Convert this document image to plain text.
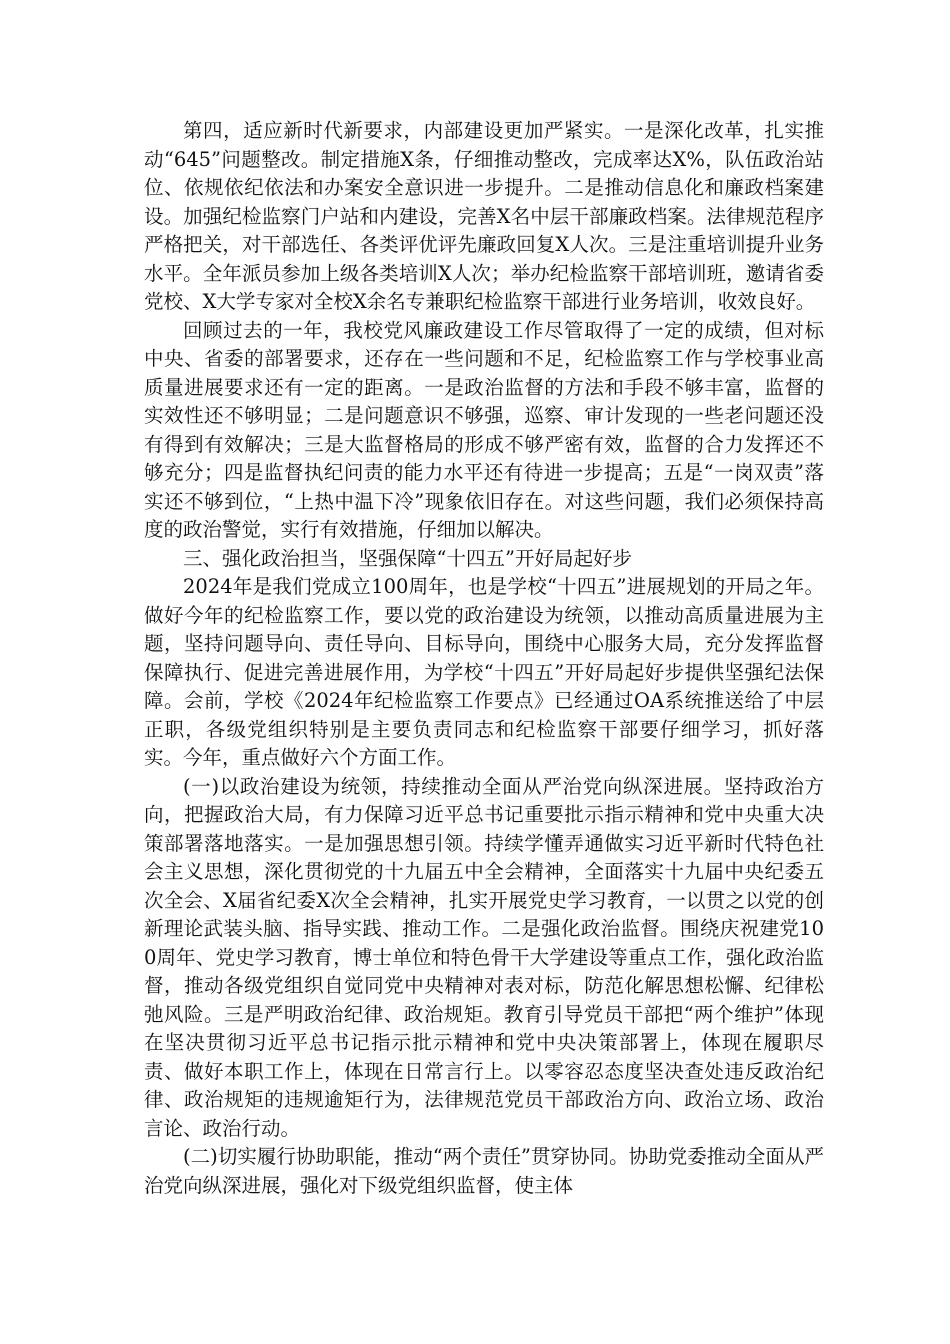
第四，适应新时代新要求，内部建设更加严紧实。一是深化改革，扎实推动“645”问题整改。制定措施X条，仔细推动整改，完成率达X%，队伍政治站位、依规依纪依法和办案安全意识进一步提升。二是推动信息化和廉政档案建设。加强纪检监察门户站和内建设，完善X名中层干部廉政档案。法律规范程序严格把关，对干部选任、各类评优评先廉政回复X人次。三是注重培训提升业务水平。全年派员参加上级各类培训X人次；举办纪检监察干部培训班，邀请省委党校、X大学专家对全校X余名专兼职纪检监察干部进行业务培训，收效良好。

回顾过去的一年，我校党风廉政建设工作尽管取得了一定的成绩，但对标中央、省委的部署要求，还存在一些问题和不足，纪检监察工作与学校事业高质量进展要求还有一定的距离。一是政治监督的方法和手段不够丰富，监督的实效性还不够明显；二是问题意识不够强，巡察、审计发现的一些老问题还没有得到有效解决；三是大监督格局的形成不够严密有效，监督的合力发挥还不够充分；四是监督执纪问责的能力水平还有待进一步提高；五是“一岗双责”落实还不够到位，“上热中温下冷”现象依旧存在。对这些问题，我们必须保持高度的政治警觉，实行有效措施，仔细加以解决。

三、强化政治担当，坚强保障“十四五”开好局起好步

2024年是我们党成立100周年，也是学校“十四五”进展规划的开局之年。做好今年的纪检监察工作，要以党的政治建设为统领，以推动高质量进展为主题，坚持问题导向、责任导向、目标导向，围绕中心服务大局，充分发挥监督保障执行、促进完善进展作用，为学校“十四五”开好局起好步提供坚强纪法保障。会前，学校《2024年纪检监察工作要点》已经通过OA系统推送给了中层正职，各级党组织特别是主要负责同志和纪检监察干部要仔细学习，抓好落实。今年，重点做好六个方面工作。

(一)以政治建设为统领，持续推动全面从严治党向纵深进展。坚持政治方向，把握政治大局，有力保障习近平总书记重要批示指示精神和党中央重大决策部署落地落实。一是加强思想引领。持续学懂弄通做实习近平新时代特色社会主义思想，深化贯彻党的十九届五中全会精神，全面落实十九届中央纪委五次全会、X届省纪委X次全会精神，扎实开展党史学习教育，一以贯之以党的创新理论武装头脑、指导实践、推动工作。二是强化政治监督。围绕庆祝建党100周年、党史学习教育，博士单位和特色骨干大学建设等重点工作，强化政治监督，推动各级党组织自觉同党中央精神对表对标，防范化解思想松懈、纪律松弛风险。三是严明政治纪律、政治规矩。教育引导党员干部把“两个维护”体现在坚决贯彻习近平总书记指示批示精神和党中央决策部署上，体现在履职尽责、做好本职工作上，体现在日常言行上。以零容忍态度坚决查处违反政治纪律、政治规矩的违规逾矩行为，法律规范党员干部政治方向、政治立场、政治言论、政治行动。

(二)切实履行协助职能，推动“两个责任”贯穿协同。协助党委推动全面从严治党向纵深进展，强化对下级党组织监督，使主体
